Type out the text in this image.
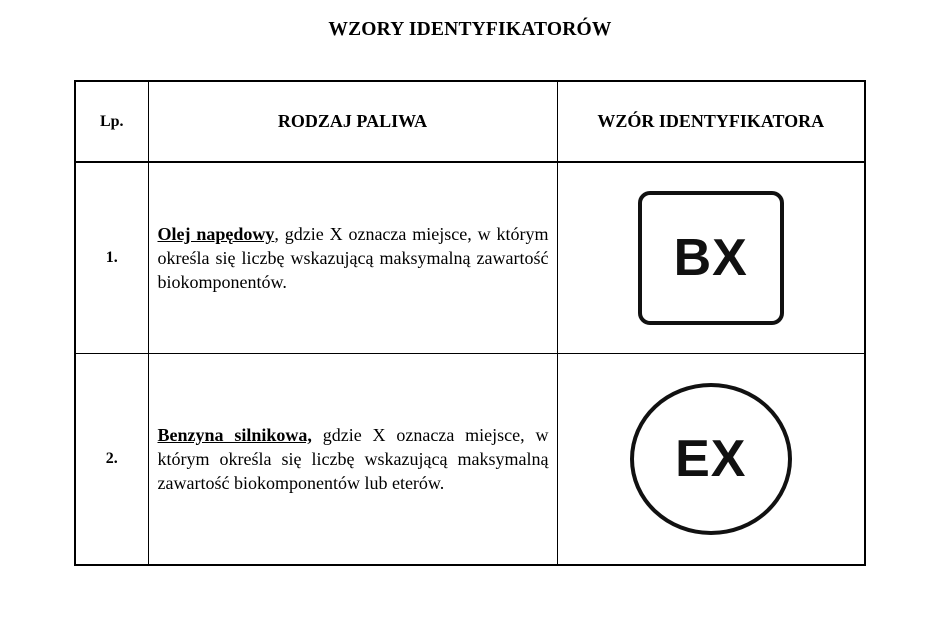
WZORY IDENTYFIKATORÓW
Lp.	RODZAJ PALIWA	WZÓR IDENTYFIKATORA
1.	Olej napędowy, gdzie X oznacza miejsce, w którym określa się liczbę wskazującą maksymalną zawartość biokomponentów.	BX

2.	Benzyna silnikowa, gdzie X oznacza miejsce, w którym określa się liczbę wskazującą maksymalną zawartość biokomponentów lub eterów.	EX
